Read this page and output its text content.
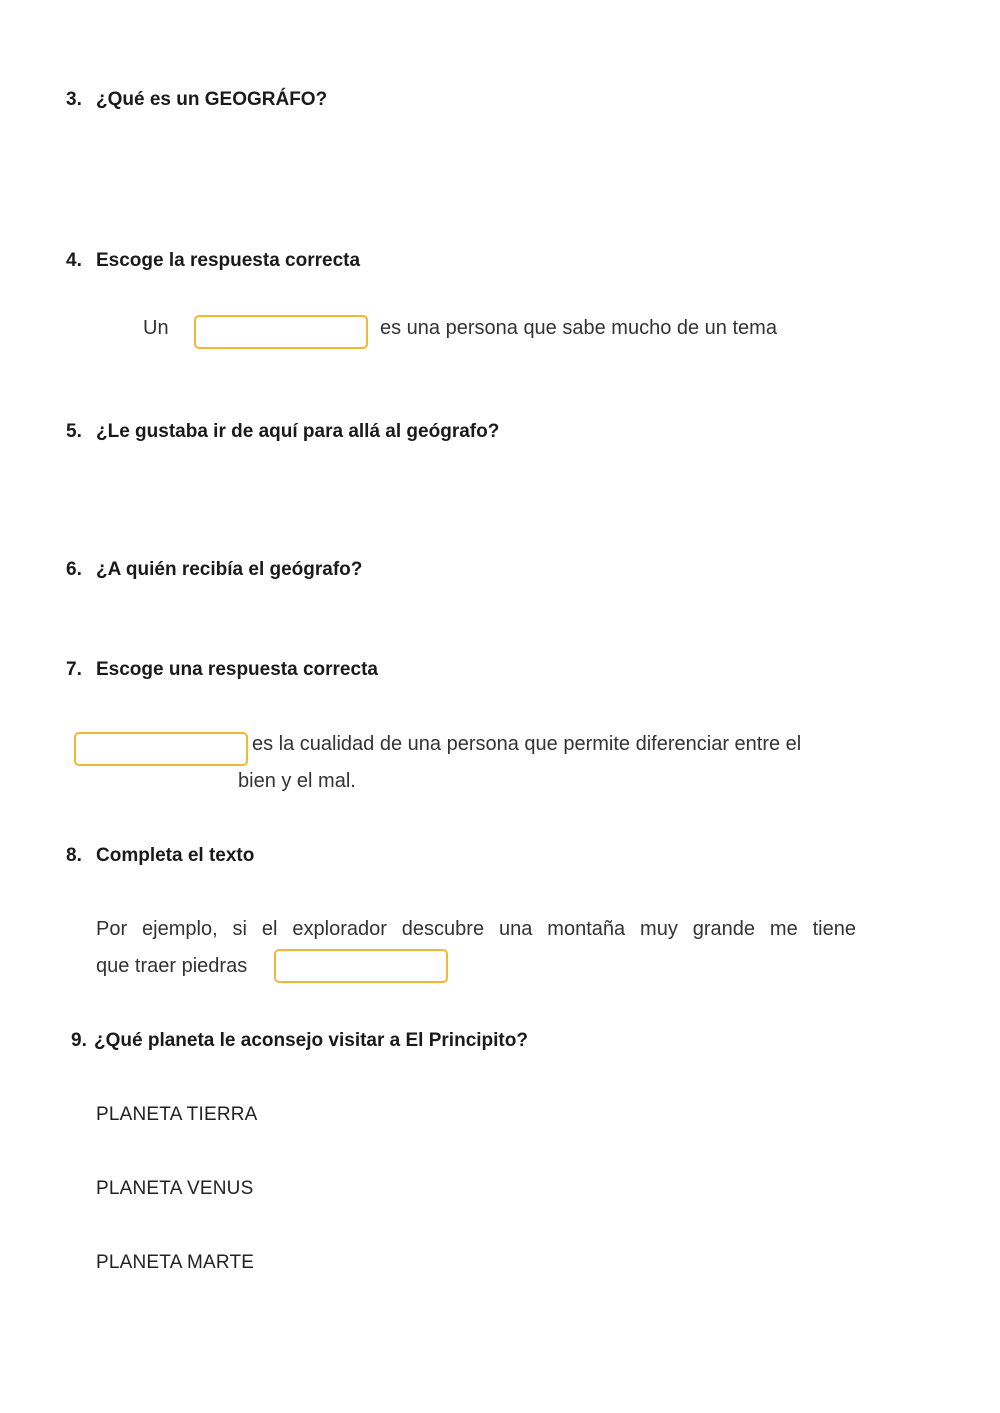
3. ¿Qué es un GEOGRÁFO?
4. Escoge la respuesta correcta
Un	es una persona que sabe mucho de un tema
5. ¿Le gustaba ir de aquí para allá al geógrafo?
6. ¿A quién recibía el geógrafo?
7. Escoge una respuesta correcta
es la cualidad de una persona que permite diferenciar entre el
bien y el mal.
8. Completa el texto
Por ejemplo, si el explorador descubre una montaña muy grande me tiene
que traer piedras
9. ¿Qué planeta le aconsejo visitar a El Principito?
PLANETA TIERRA
PLANETA VENUS
PLANETA MARTE
